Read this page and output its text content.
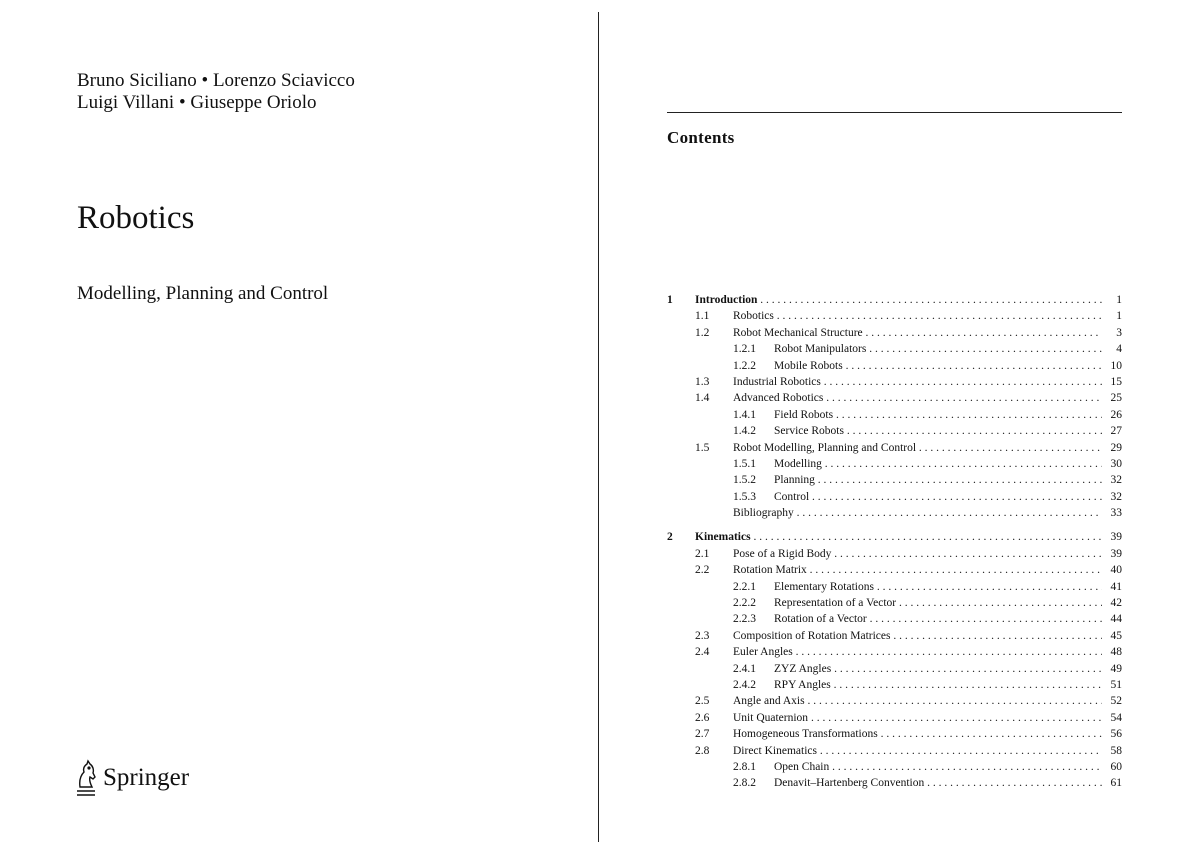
Bruno Siciliano • Lorenzo Sciavicco
Luigi Villani • Giuseppe Oriolo
Robotics
Modelling, Planning and Control
Springer
Contents
1 Introduction . . .	1
1.1 Robotics . . .	1
1.2 Robot Mechanical Structure . . .	3
1.2.1 Robot Manipulators . . .	4
1.2.2 Mobile Robots . . .	10
1.3 Industrial Robotics . . .	15
1.4 Advanced Robotics . . .	25
1.4.1 Field Robots . . .	26
1.4.2 Service Robots . . .	27
1.5 Robot Modelling, Planning and Control . . .	29
1.5.1 Modelling . . .	30
1.5.2 Planning . . .	32
1.5.3 Control . . .	32
Bibliography . . .	33
2 Kinematics . . .	39
2.1 Pose of a Rigid Body . . .	39
2.2 Rotation Matrix . . .	40
2.2.1 Elementary Rotations . . .	41
2.2.2 Representation of a Vector . . .	42
2.2.3 Rotation of a Vector . . .	44
2.3 Composition of Rotation Matrices . . .	45
2.4 Euler Angles . . .	48
2.4.1 ZYZ Angles . . .	49
2.4.2 RPY Angles . . .	51
2.5 Angle and Axis . . .	52
2.6 Unit Quaternion . . .	54
2.7 Homogeneous Transformations . . .	56
2.8 Direct Kinematics . . .	58
2.8.1 Open Chain . . .	60
2.8.2 Denavit–Hartenberg Convention . . .	61
